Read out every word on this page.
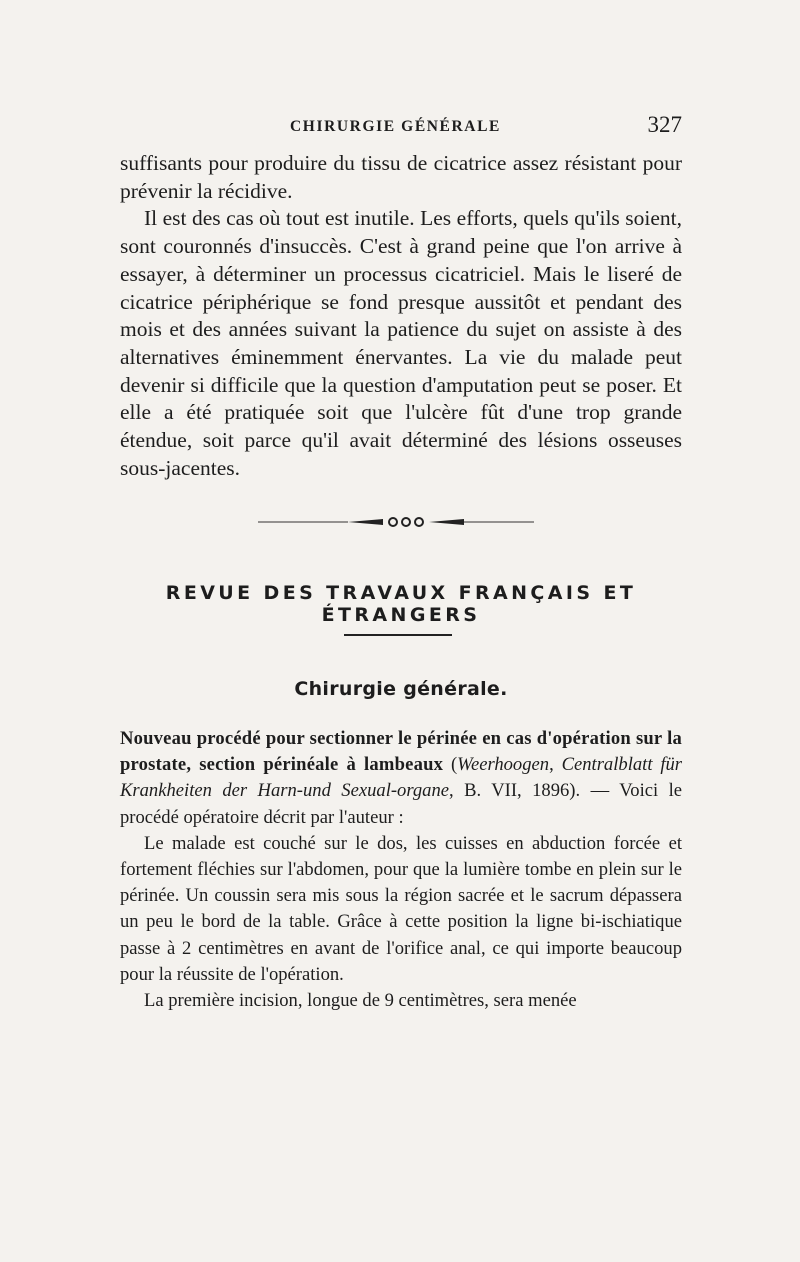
CHIRURGIE GÉNÉRALE	327

suffisants pour produire du tissu de cicatrice assez résistant pour prévenir la récidive.

Il est des cas où tout est inutile. Les efforts, quels qu'ils soient, sont couronnés d'insuccès. C'est à grand peine que l'on arrive à essayer, à déterminer un processus cicatriciel. Mais le liseré de cicatrice périphérique se fond presque aussitôt et pendant des mois et des années suivant la patience du sujet on assiste à des alternatives éminemment énervantes. La vie du malade peut devenir si difficile que la question d'amputation peut se poser. Et elle a été pratiquée soit que l'ulcère fût d'une trop grande étendue, soit parce qu'il avait déterminé des lésions osseuses sous-jacentes.

REVUE DES TRAVAUX FRANÇAIS ET ÉTRANGERS
Chirurgie générale.

Nouveau procédé pour sectionner le périnée en cas d'opération sur la prostate, section périnéale à lambeaux (Weerhoogen, Centralblatt für Krankheiten der Harn-und Sexual-organe, B. VII, 1896). — Voici le procédé opératoire décrit par l'auteur :

Le malade est couché sur le dos, les cuisses en abduction forcée et fortement fléchies sur l'abdomen, pour que la lumière tombe en plein sur le périnée. Un coussin sera mis sous la région sacrée et le sacrum dépassera un peu le bord de la table. Grâce à cette position la ligne bi-ischiatique passe à 2 centimètres en avant de l'orifice anal, ce qui importe beaucoup pour la réussite de l'opération.

La première incision, longue de 9 centimètres, sera menée
